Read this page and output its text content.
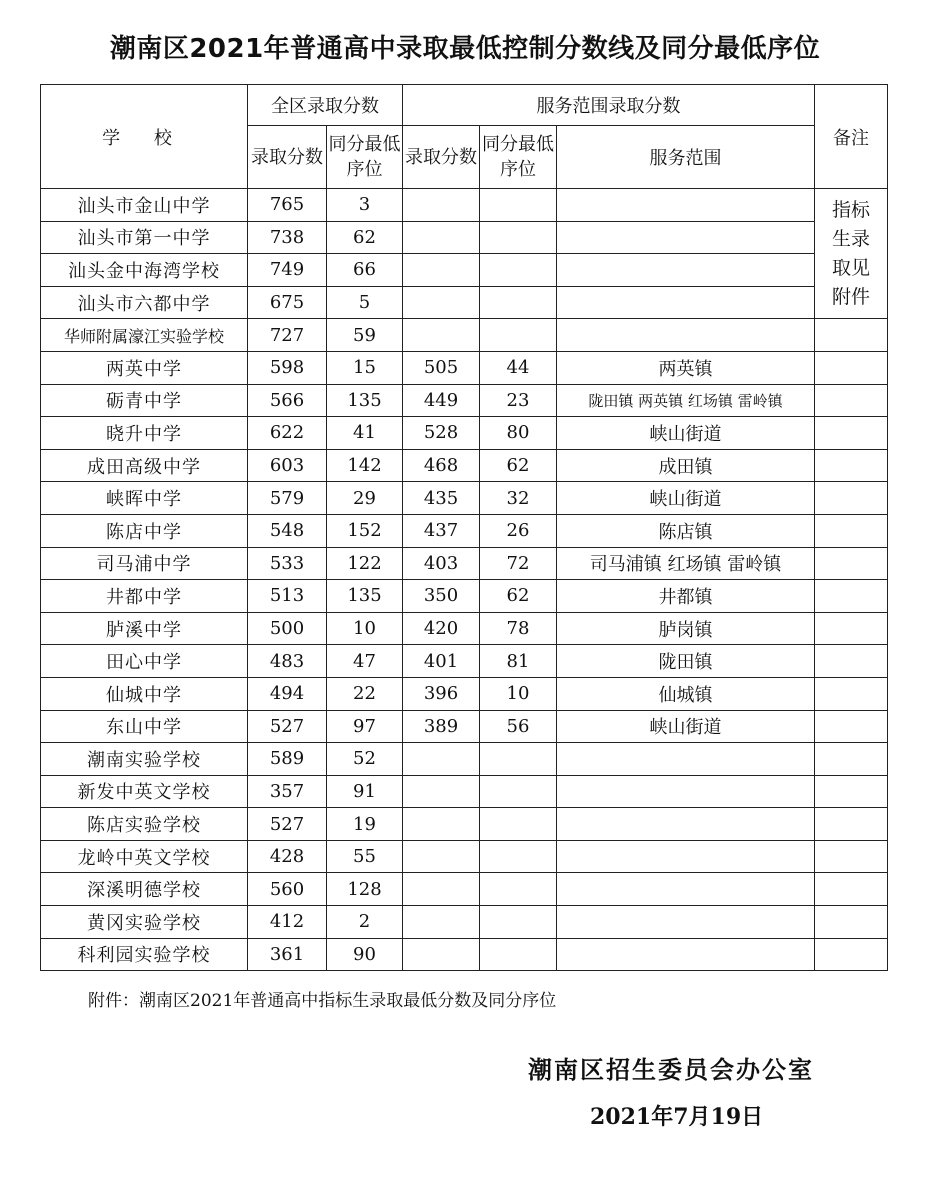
潮南区2021年普通高中录取最低控制分数线及同分最低序位
学 校	全区录取分数		服务范围录取分数			备注
	录取分数	同分最低序位	录取分数	同分最低序位	服务范围	
汕头市金山中学	765	3				指标生录取见附件
汕头市第一中学	738	62				
汕头金中海湾学校	749	66				
汕头市六都中学	675	5				
华师附属濠江实验学校	727	59				
两英中学	598	15	505	44	两英镇	
砺青中学	566	135	449	23	陇田镇 两英镇 红场镇 雷岭镇	
晓升中学	622	41	528	80	峡山街道	
成田高级中学	603	142	468	62	成田镇	
峡晖中学	579	29	435	32	峡山街道	
陈店中学	548	152	437	26	陈店镇	
司马浦中学	533	122	403	72	司马浦镇 红场镇 雷岭镇	
井都中学	513	135	350	62	井都镇	
胪溪中学	500	10	420	78	胪岗镇	
田心中学	483	47	401	81	陇田镇	
仙城中学	494	22	396	10	仙城镇	
东山中学	527	97	389	56	峡山街道	
潮南实验学校	589	52				
新发中英文学校	357	91				
陈店实验学校	527	19				
龙岭中英文学校	428	55				
深溪明德学校	560	128				
黄冈实验学校	412	2				
科利园实验学校	361	90				
附件：潮南区2021年普通高中指标生录取最低分数及同分序位
潮南区招生委员会办公室
2021年7月19日
